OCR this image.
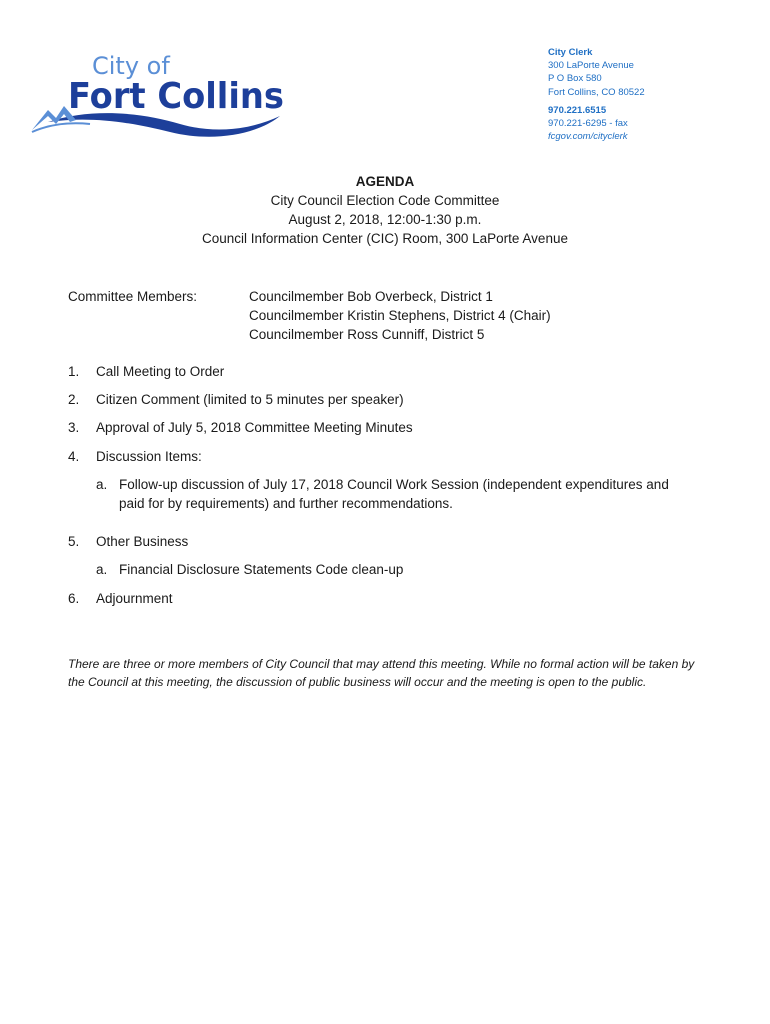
City of
Fort Collins
City Clerk
300 LaPorte Avenue
P O Box 580
Fort Collins, CO 80522
970.221.6515
970.221-6295 - fax
fcgov.com/cityclerk
AGENDA
City Council Election Code Committee
August 2, 2018, 12:00-1:30 p.m.
Council Information Center (CIC) Room, 300 LaPorte Avenue
Committee Members:	Councilmember Bob Overbeck, District 1
Councilmember Kristin Stephens, District 4 (Chair)
Councilmember Ross Cunniff, District 5
1. Call Meeting to Order
2. Citizen Comment (limited to 5 minutes per speaker)
3. Approval of July 5, 2018 Committee Meeting Minutes
4. Discussion Items:
a. Follow-up discussion of July 17, 2018 Council Work Session (independent expenditures and paid for by requirements) and further recommendations.
5. Other Business
a. Financial Disclosure Statements Code clean-up
6. Adjournment
There are three or more members of City Council that may attend this meeting. While no formal action will be taken by the Council at this meeting, the discussion of public business will occur and the meeting is open to the public.
